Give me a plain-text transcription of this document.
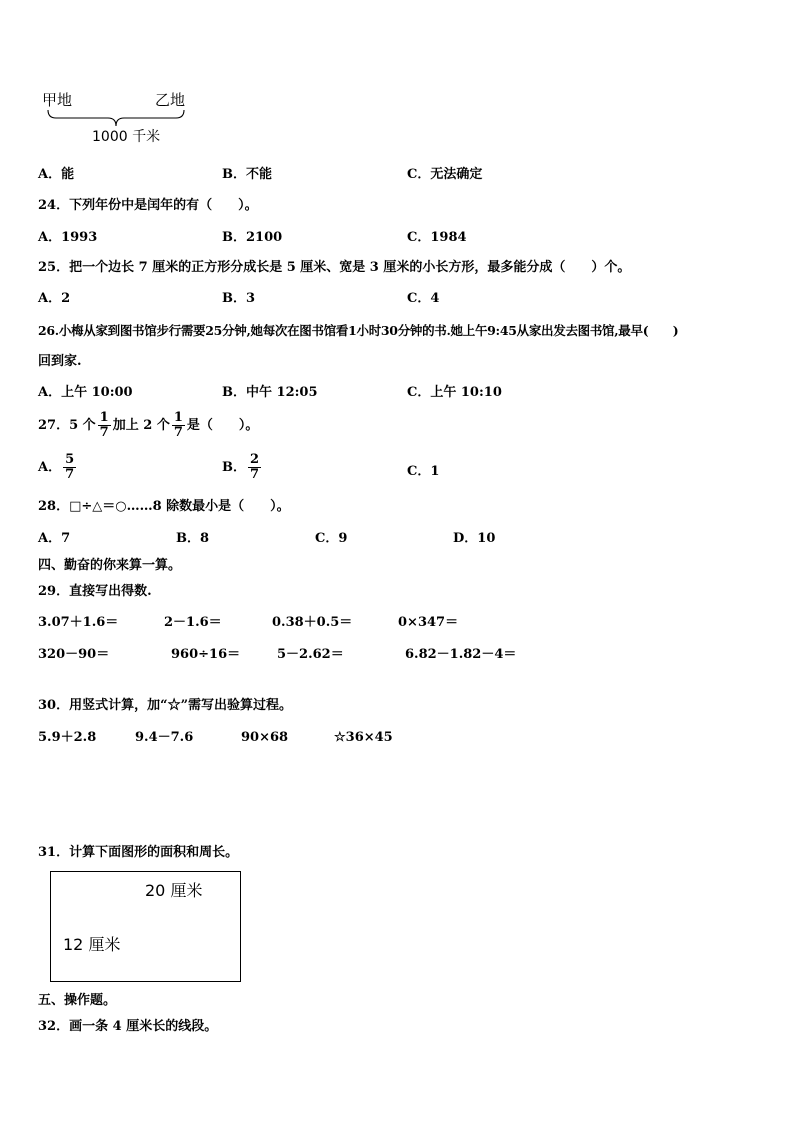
甲地	乙地
1000 千米
A．能	B．不能	C．无法确定
24．下列年份中是闰年的有（　　）。
A．1993	B．2100	C．1984
25．把一个边长 7 厘米的正方形分成长是 5 厘米、宽是 3 厘米的小长方形，最多能分成（　　）个。
A．2	B．3	C．4
26.小梅从家到图书馆步行需要25分钟,她每次在图书馆看1小时30分钟的书.她上午9:45从家出发去图书馆,最早(　　)
回到家.
A．上午 10:00	B．中午 12:05	C．上午 10:10
27．5 个 $\frac{1}{7}$ 加上 2 个 $\frac{1}{7}$ 是（　　）。
A． $\frac{5}{7}$	B． $\frac{2}{7}$	C．1
28．□÷△＝○……8 除数最小是（　　）。
A．7	B．8	C．9	D．10
四、勤奋的你来算一算。
29．直接写出得数.
3.07＋1.6＝	2－1.6＝	0.38＋0.5＝	0×347＝
320－90＝	960÷16＝	5－2.62＝	6.82－1.82－4＝
30．用竖式计算，加“☆”需写出验算过程。
5.9＋2.8	9.4－7.6	90×68	☆36×45
31．计算下面图形的面积和周长。
20 厘米
12 厘米
五、操作题。
32．画一条 4 厘米长的线段。
